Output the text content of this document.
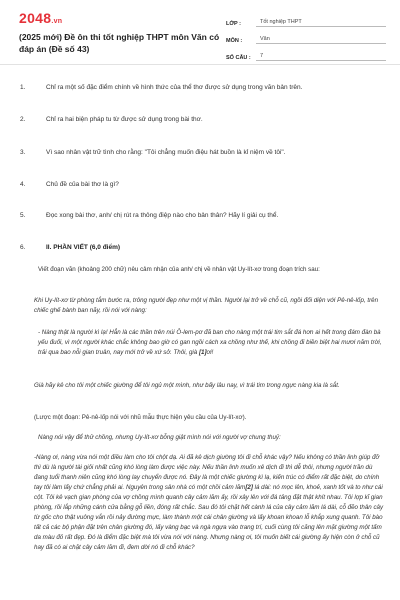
2048.vn
(2025 mới) Đề ôn thi tốt nghiệp THPT môn Văn có đáp án (Đề số 43)
LỚP :	Tốt nghiệp THPT
MÔN :	Văn
SỐ CÂU :	7
1.	Chỉ ra một số đặc điểm chính về hình thức của thể thơ được sử dụng trong văn bản trên.
2.	Chỉ ra hai biện pháp tu từ được sử dụng trong bài thơ.
3.	Vì sao nhân vật trữ tình cho rằng: "Tôi chẳng muốn điệu hát buồn là kỉ niệm về tôi".
4.	Chủ đề của bài thơ là gì?
5.	Đọc xong bài thơ, anh/ chị rút ra thông điệp nào cho bản thân? Hãy lí giải cụ thể.
6.	II. PHẦN VIẾT (6,0 điểm)
Viết đoạn văn (khoảng 200 chữ) nêu cảm nhận của anh/ chị về nhân vật Uy-lít-xơ trong đoạn trích sau:
Khi Uy-lít-xơ từ phòng tắm bước ra, trông người đẹp như một vị thần. Người lại trở về chỗ cũ, ngồi đối diện với Pê-nê-lốp, trên chiếc ghế bành ban nãy, rồi nói với nàng:
- Nàng thật là người kì lạ! Hẳn là các thần trên núi Ô-lem-pơ đã ban cho nàng một trái tim sắt đá hơn ai hết trong đám đàn bà yếu đuối, vì một người khác chắc không bao giờ có gan ngồi cách xa chồng như thế, khi chồng đi biền biệt hai mươi năm trời, trải qua bao nỗi gian truân, nay mới trở về xứ sở. Thôi, già [1]ơi!
Già hãy kê cho tôi một chiếc giường để tôi ngủ một mình, như bấy lâu nay, vì trái tim trong ngực nàng kia là sắt.
(Lược một đoạn: Pê-nê-lốp nói với nhũ mẫu thực hiện yêu cầu của Uy-lít-xơ).
Nàng nói vậy để thử chồng, nhưng Uy-lít-xơ bỗng giật mình nói với người vợ chung thuỷ:
-Nàng ơi, nàng vừa nói một điều làm cho tôi chột dạ. Ai đã kê dịch giường tôi đi chỗ khác vậy? Nếu không có thần linh giúp đỡ thì dù là người tài giỏi nhất cũng khó lòng làm được việc này. Nếu thần linh muốn xê dịch đi thì dễ thôi, nhưng người trần dù đang tuổi thanh niên cũng khó lòng lay chuyển được nó. Đây là một chiếc giường kì lạ, kiến trúc có điểm rất đặc biệt, do chính tay tôi làm lấy chứ chẳng phải ai. Nguyên trong sân nhà có một chồi cảm lăm[2] lá dài: nó mọc lên, khoẻ, xanh tốt và to như cái cột. Tôi kê vạch gian phòng của vợ chồng mình quanh cây cảm lăm ấy, rồi xây lên với đá tảng đặt thật khít nhau. Tôi lợp kĩ gian phòng, rồi lắp những cánh cửa bằng gỗ liền, đóng rất chắc. Sau đó tôi chặt hết cành lá của cây cảm lăm lá dài, cỗ đẽo thân cây từ gốc cho thật vuông vắn rồi nảy đường mực, làm thành một cái chân giường và lấy khoan khoan lỗ khắp xung quanh. Tôi bào tất cả các bộ phận đặt trên chân giường đó, lấy vàng bạc và ngà ngựa vào trang trí, cuối cùng tôi căng lên mặt giường một tấm da màu đỏ rất đẹp. Đó là điểm đặc biệt mà tôi vừa nói với nàng. Nhưng nàng ơi, tôi muốn biết cái giường ấy hiện còn ở chỗ cũ hay đã có ai chặt cây cảm lăm đi, đem dời nó đi chỗ khác?
